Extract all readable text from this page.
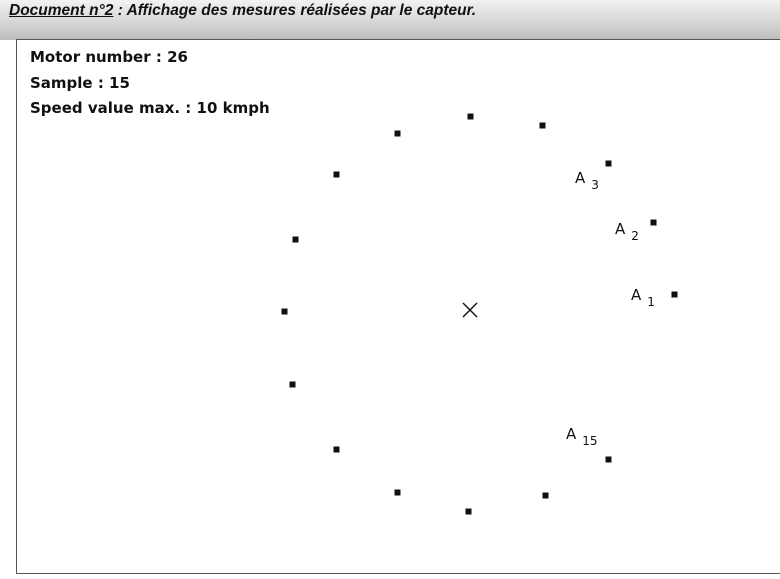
Document n°2 : Affichage des mesures réalisées par le capteur.
Motor number : 26
Sample : 15
Speed value max. : 10 kmph
A $_1$
A $_2$
A $_3$
A $_{15}$
